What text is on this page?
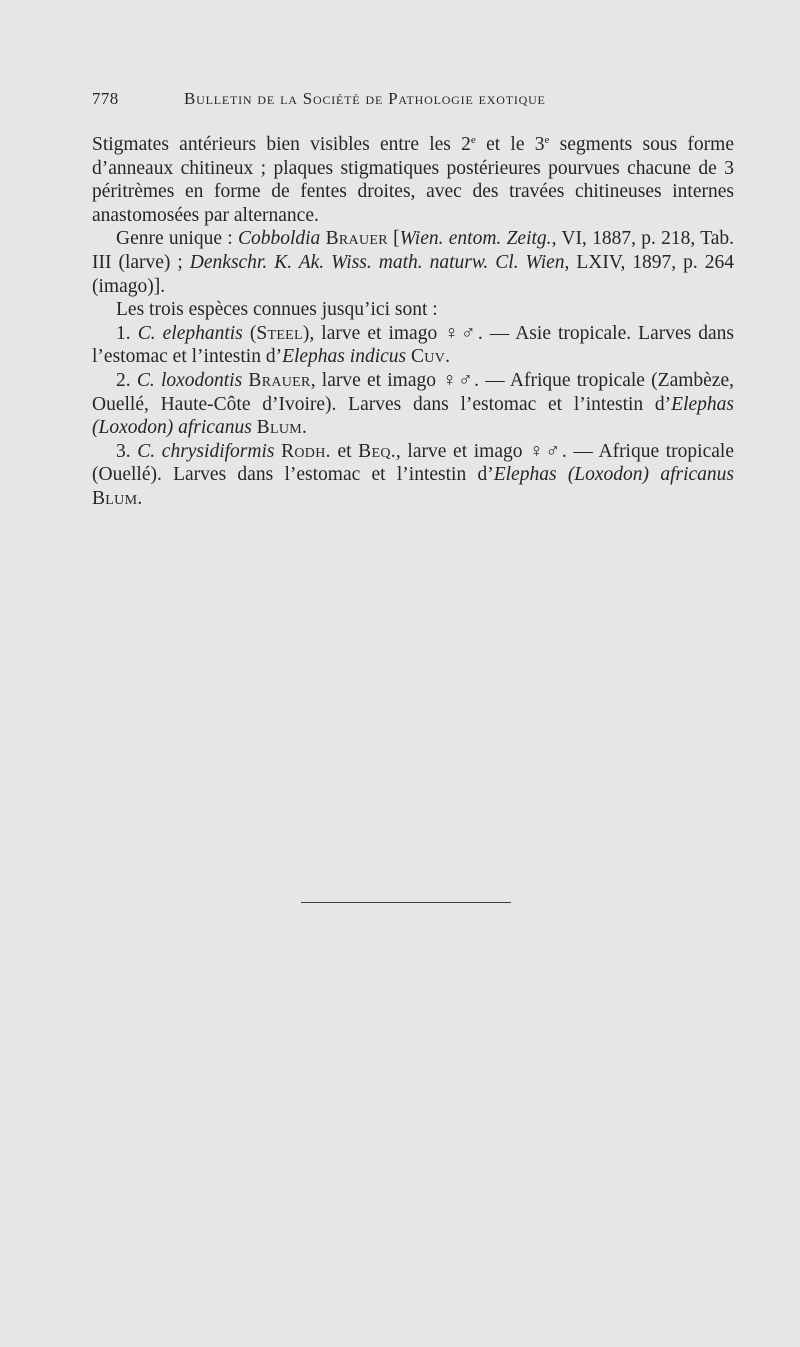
778	Bulletin de la Société de Pathologie exotique

Stigmates antérieurs bien visibles entre les 2e et le 3e segments sous forme d’anneaux chitineux ; plaques stigmatiques postérieures pourvues chacune de 3 péritrèmes en forme de fentes droites, avec des travées chitineuses internes anastomosées par alternance.

Genre unique : Cobboldia Brauer [Wien. entom. Zeitg., VI, 1887, p. 218, Tab. III (larve) ; Denkschr. K. Ak. Wiss. math. naturw. Cl. Wien, LXIV, 1897, p. 264 (imago)].

Les trois espèces connues jusqu’ici sont :

1. C. elephantis (Steel), larve et imago ♀♂. — Asie tropicale. Larves dans l’estomac et l’intestin d’Elephas indicus Cuv.

2. C. loxodontis Brauer, larve et imago ♀♂. — Afrique tropicale (Zambèze, Ouellé, Haute-Côte d’Ivoire). Larves dans l’estomac et l’intestin d’Elephas (Loxodon) africanus Blum.

3. C. chrysidiformis Rodh. et Beq., larve et imago ♀♂. — Afrique tropicale (Ouellé). Larves dans l’estomac et l’intestin d’Elephas (Loxodon) africanus Blum.
